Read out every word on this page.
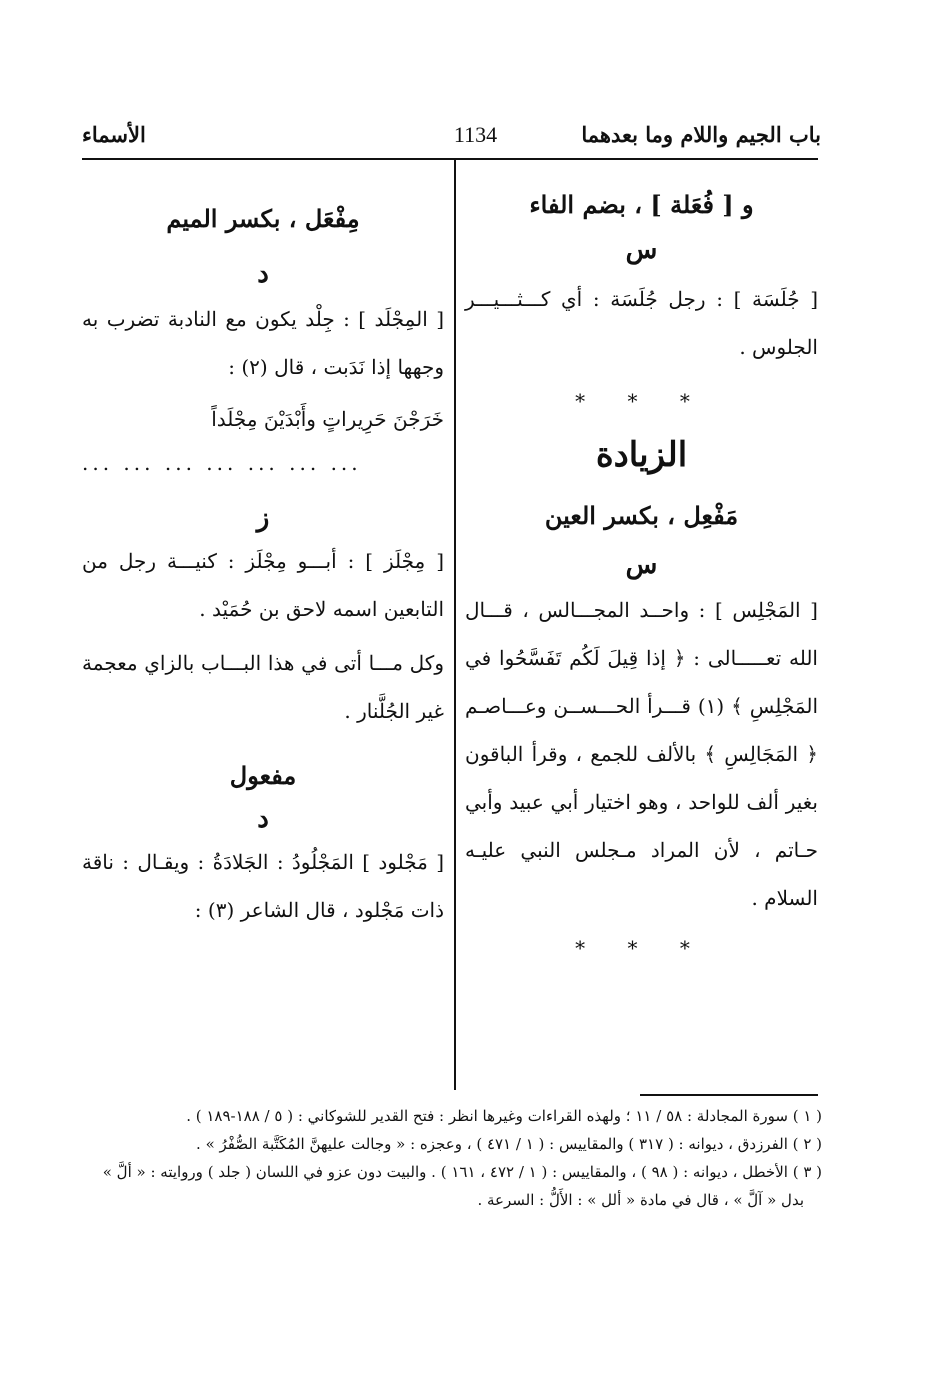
باب الجيم واللام وما بعدهما
1134
الأسماء
و [ فُعَلة ] ، بضم الفاء
س
[ جُلَسَة ] : رجل جُلَسَة : أي كـــثـــيـــر الجلوس .
* * *
الزيادة
مَفْعِل ، بكسر العين
س
[ المَجْلِس ] : واحــد المجـــالس ، قـــال الله تعـــــالى : ﴿ إذا قِيلَ لَكُم تَفَسَّحُوا في المَجْلِسِ ﴾ (١) قـــرأ الحـــســن وعـــاصـم ﴿ المَجَالِسِ ﴾ بالألف للجمع ، وقرأ الباقون بغير ألف للواحد ، وهو اختيار أبي عبيد وأبي حـاتم ، لأن المراد مـجلس النبي عليـه السلام .
* * *
مِفْعَل ، بكسر الميم
د
[ المِجْلَد ] : جِلْد يكون مع النادبة تضرب به وجهها إذا نَدَبت ، قال (٢) :
خَرَجْنَ حَرِيراتٍ وأَبْدَيْنَ مِجْلَداً
... ... ... ... ... ... ...
ز
[ مِجْلَز ] : أبـــو مِجْلَز : كنيـــة رجل من التابعين اسمه لاحق بن حُمَيْد .
وكل مـــا أتى في هذا البـــاب بالزاي معجمة غير الجُلَّنار .
مفعول
د
[ مَجْلود ] المَجْلُودُ : الجَلادَةُ : ويقـال : ناقة ذات مَجْلود ، قال الشاعر (٣) :
( ١ ) سورة المجادلة : ٥٨ / ١١ ؛ ولهذه القراءات وغيرها انظر : فتح القدير للشوكاني : ( ٥ / ١٨٨-١٨٩ ) .
( ٢ ) الفرزدق ، ديوانه : ( ٣١٧ ) والمقاييس : ( ١ / ٤٧١ ) ، وعجزه : « وجالت عليهنَّ المُكَتَّبة الصُّفْرُ » .
( ٣ ) الأخطل ، ديوانه : ( ٩٨ ) ، والمقاييس : ( ١ / ٤٧٢ ، ١٦١ ) . والبيت دون عزو في اللسان ( جلد ) وروايته : « ألَّ »
بدل « آلَّ » ، قال في مادة « ألل » : الأَلُّ : السرعة .
